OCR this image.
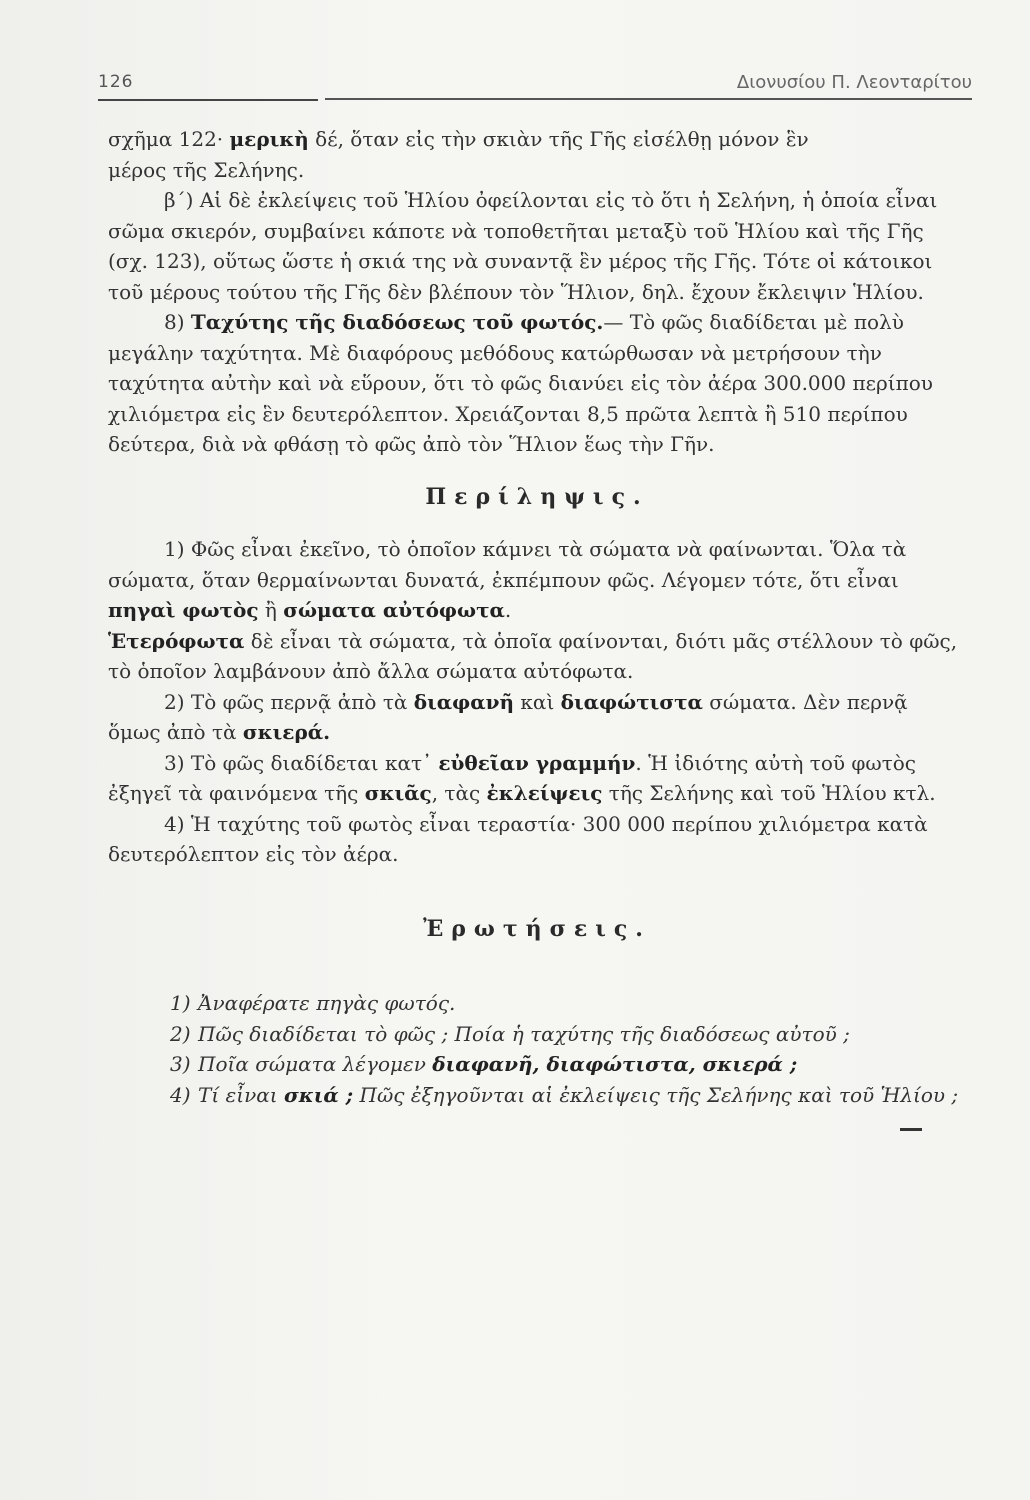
126	Διονυσίου Π. Λεονταρίτου

σχῆμα 122· μερικὴ δέ, ὅταν εἰς τὴν σκιὰν τῆς Γῆς εἰσέλθῃ μόνον ἓν
μέρος τῆς Σελήνης.

β΄) Αἱ δὲ ἐκλείψεις τοῦ Ἡλίου ὀφείλονται εἰς τὸ ὅτι ἡ Σελήνη, ἡ ὁποία εἶναι σῶμα σκιερόν, συμβαίνει κάποτε νὰ τοποθετῆται μεταξὺ τοῦ Ἡλίου καὶ τῆς Γῆς (σχ. 123), οὕτως ὥστε ἡ σκιά της νὰ συναντᾷ ἓν μέρος τῆς Γῆς. Τότε οἱ κάτοικοι τοῦ μέρους τούτου τῆς Γῆς δὲν βλέπουν τὸν Ἥλιον, δηλ. ἔχουν ἔκλειψιν Ἡλίου.

8) Ταχύτης τῆς διαδόσεως τοῦ φωτός.— Τὸ φῶς διαδίδεται μὲ πολὺ μεγάλην ταχύτητα. Μὲ διαφόρους μεθόδους κατώρθωσαν νὰ μετρήσουν τὴν ταχύτητα αὐτὴν καὶ νὰ εὕρουν, ὅτι τὸ φῶς διανύει εἰς τὸν ἀέρα 300.000 περίπου χιλιόμετρα εἰς ἓν δευτερόλεπτον. Χρειάζονται 8,5 πρῶτα λεπτὰ ἢ 510 περίπου δεύτερα, διὰ νὰ φθάσῃ τὸ φῶς ἀπὸ τὸν Ἥλιον ἕως τὴν Γῆν.

Περίληψις.

1) Φῶς εἶναι ἐκεῖνο, τὸ ὁποῖον κάμνει τὰ σώματα νὰ φαίνωνται. Ὅλα τὰ σώματα, ὅταν θερμαίνωνται δυνατά, ἐκπέμπουν φῶς. Λέγομεν τότε, ὅτι εἶναι πηγαὶ φωτὸς ἢ σώματα αὐτόφωτα.

Ἑτερόφωτα δὲ εἶναι τὰ σώματα, τὰ ὁποῖα φαίνονται, διότι μᾶς στέλλουν τὸ φῶς, τὸ ὁποῖον λαμβάνουν ἀπὸ ἄλλα σώματα αὐτόφωτα.

2) Τὸ φῶς περνᾷ ἀπὸ τὰ διαφανῆ καὶ διαφώτιστα σώματα. Δὲν περνᾷ ὅμως ἀπὸ τὰ σκιερά.

3) Τὸ φῶς διαδίδεται κατ᾽ εὐθεῖαν γραμμήν. Ἡ ἰδιότης αὐτὴ τοῦ φωτὸς ἐξηγεῖ τὰ φαινόμενα τῆς σκιᾶς, τὰς ἐκλείψεις τῆς Σελήνης καὶ τοῦ Ἡλίου κτλ.

4) Ἡ ταχύτης τοῦ φωτὸς εἶναι τεραστία· 300 000 περίπου χιλιόμετρα κατὰ δευτερόλεπτον εἰς τὸν ἀέρα.

Ἐρωτήσεις.

1) Ἀναφέρατε πηγὰς φωτός.

2) Πῶς διαδίδεται τὸ φῶς ; Ποία ἡ ταχύτης τῆς διαδόσεως αὐτοῦ ;

3) Ποῖα σώματα λέγομεν διαφανῆ, διαφώτιστα, σκιερά ;

4) Τί εἶναι σκιά ; Πῶς ἐξηγοῦνται αἱ ἐκλείψεις τῆς Σελήνης καὶ τοῦ Ἡλίου ;
